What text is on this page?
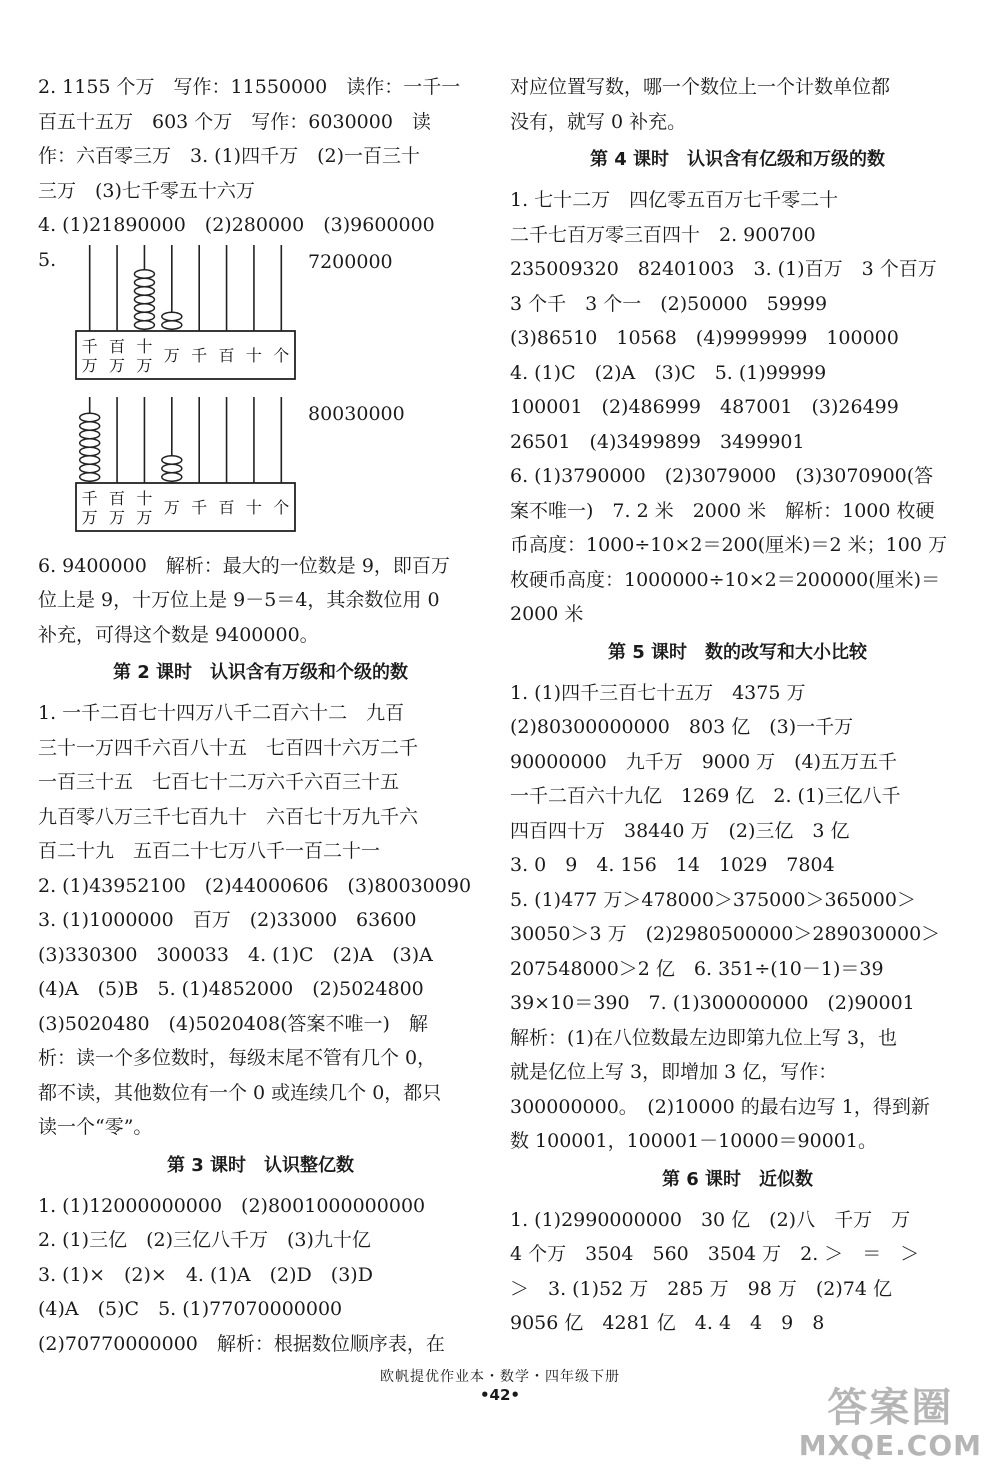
2. 1155 个万　写作：11550000　读作：一千一

百五十五万　603 个万　写作：6030000　读

作：六百零三万　3. (1)四千万　(2)一百三十

三万　(3)七千零五十六万

4. (1)21890000　(2)280000　(3)9600000

5.
千
万
百
万
十
万
万 千 百 十 个
7200000
千
万
百
万
十
万
万 千 百 十 个
80030000

6. 9400000　解析：最大的一位数是 9，即百万

位上是 9，十万位上是 9－5＝4，其余数位用 0

补充，可得这个数是 9400000。

第 2 课时　认识含有万级和个级的数

1. 一千二百七十四万八千二百六十二　九百

三十一万四千六百八十五　七百四十六万二千

一百三十五　七百七十二万六千六百三十五

九百零八万三千七百九十　六百七十万九千六

百二十九　五百二十七万八千一百二十一

2. (1)43952100　(2)44000606　(3)80030090

3. (1)1000000　百万　(2)33000　63600

(3)330300　300033　4. (1)C　(2)A　(3)A

(4)A　(5)B　5. (1)4852000　(2)5024800

(3)5020480　(4)5020408(答案不唯一)　解

析：读一个多位数时，每级末尾不管有几个 0，

都不读，其他数位有一个 0 或连续几个 0，都只

读一个“零”。

第 3 课时　认识整亿数

1. (1)12000000000　(2)8001000000000

2. (1)三亿　(2)三亿八千万　(3)九十亿

3. (1)×　(2)×　4. (1)A　(2)D　(3)D

(4)A　(5)C　5. (1)77070000000

(2)70770000000　解析：根据数位顺序表，在

对应位置写数，哪一个数位上一个计数单位都

没有，就写 0 补充。

第 4 课时　认识含有亿级和万级的数

1. 七十二万　四亿零五百万七千零二十

二千七百万零三百四十　2. 900700

235009320　82401003　3. (1)百万　3 个百万

3 个千　3 个一　(2)50000　59999

(3)86510　10568　(4)9999999　100000

4. (1)C　(2)A　(3)C　5. (1)99999

100001　(2)486999　487001　(3)26499

26501　(4)3499899　3499901

6. (1)3790000　(2)3079000　(3)3070900(答

案不唯一)　7. 2 米　2000 米　解析：1000 枚硬

币高度：1000÷10×2＝200(厘米)＝2 米；100 万

枚硬币高度：1000000÷10×2＝200000(厘米)＝

2000 米

第 5 课时　数的改写和大小比较

1. (1)四千三百七十五万　4375 万

(2)80300000000　803 亿　(3)一千万

90000000　九千万　9000 万　(4)五万五千

一千二百六十九亿　1269 亿　2. (1)三亿八千

四百四十万　38440 万　(2)三亿　3 亿

3. 0　9　4. 156　14　1029　7804

5. (1)477 万＞478000＞375000＞365000＞

30050＞3 万　(2)2980500000＞289030000＞

207548000＞2 亿　6. 351÷(10－1)＝39

39×10＝390　7. (1)300000000　(2)90001

解析：(1)在八位数最左边即第九位上写 3，也

就是亿位上写 3，即增加 3 亿，写作：

300000000。　(2)10000 的最右边写 1，得到新

数 100001，100001－10000＝90001。

第 6 课时　近似数

1. (1)2990000000　30 亿　(2)八　千万　万

4 个万　3504　560　3504 万　2. ＞　＝　＞

＞　3. (1)52 万　285 万　98 万　(2)74 亿

9056 亿　4281 亿　4. 4　4　9　8

欧帆提优作业本・数学・四年级下册
•42•	答案圈
MXQE.COM
